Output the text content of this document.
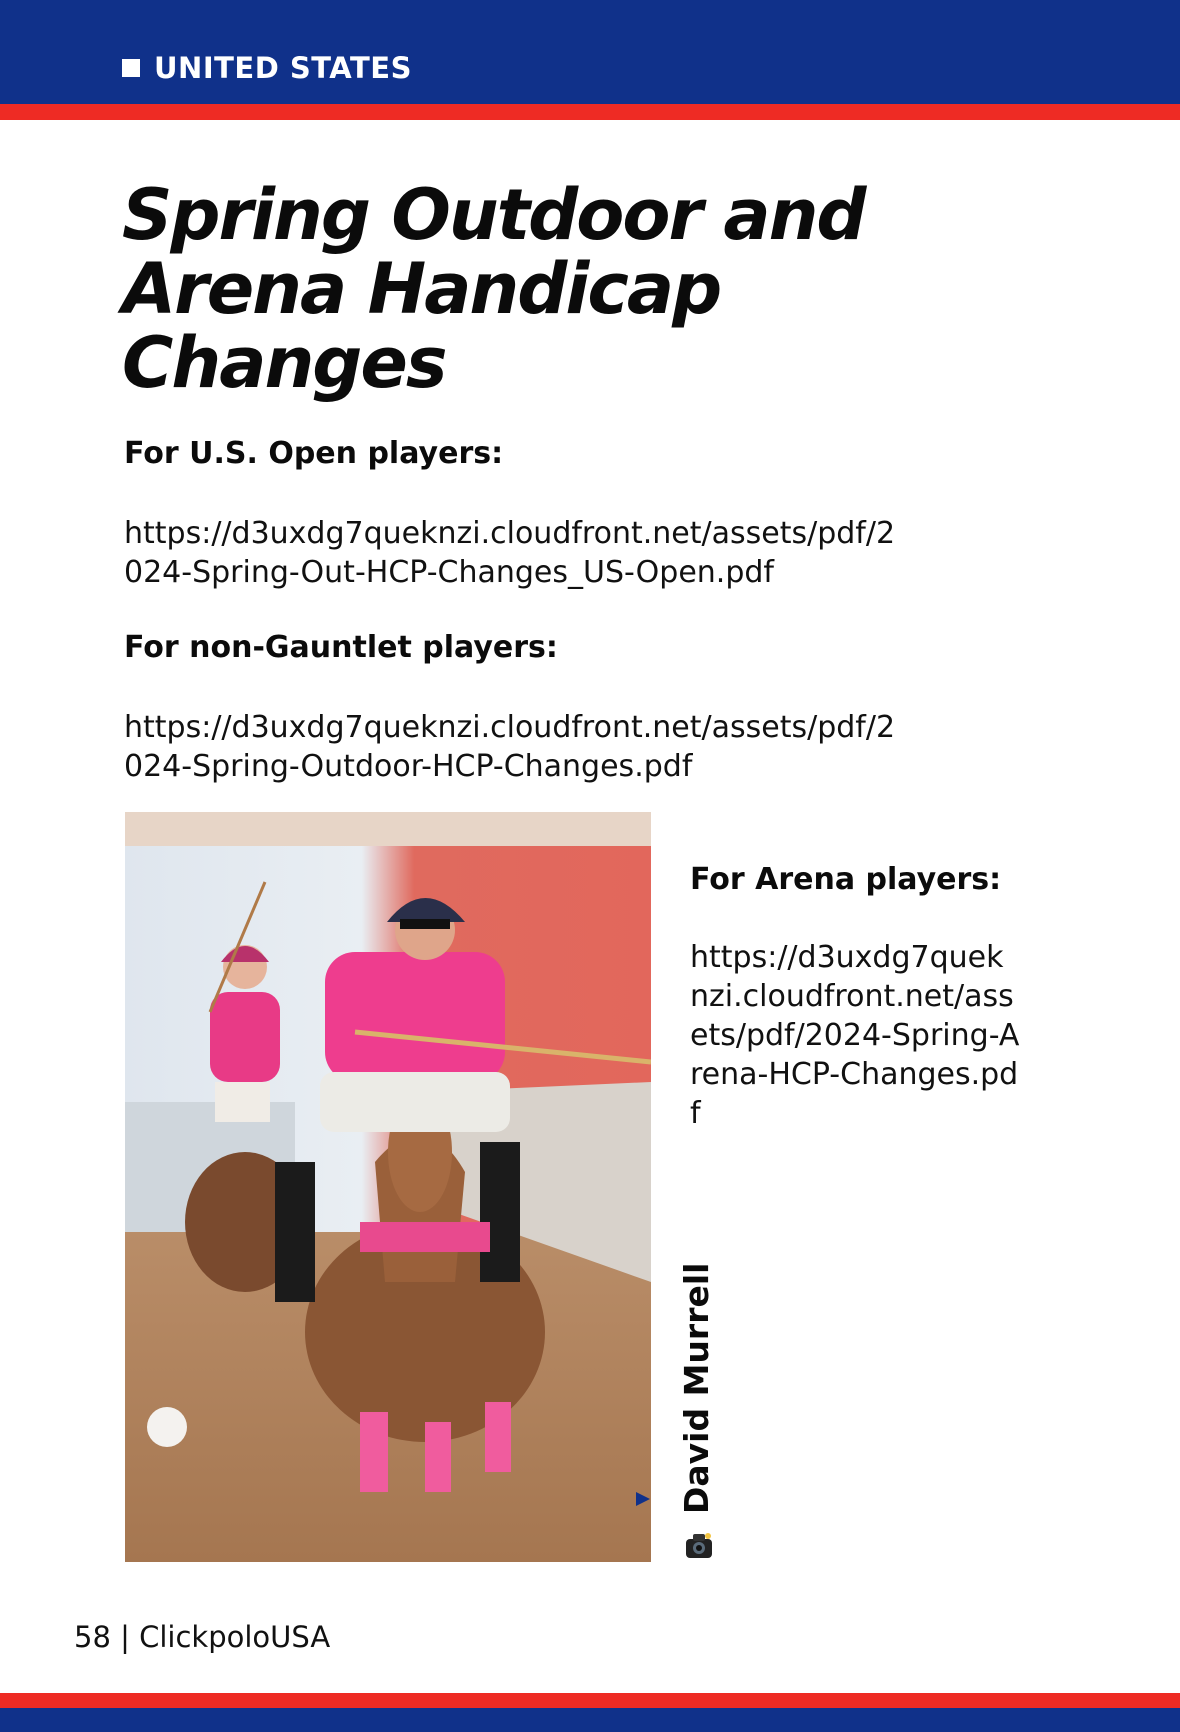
UNITED STATES
Spring Outdoor and Arena Handicap Changes

For U.S. Open players:

https://d3uxdg7queknzi.cloudfront.net/assets/pdf/2024-Spring-Out-HCP-Changes_US-Open.pdf

For non-Gauntlet players:

https://d3uxdg7queknzi.cloudfront.net/assets/pdf/2024-Spring-Outdoor-HCP-Changes.pdf

David Murrell

For Arena players:

https://d3uxdg7queknzi.cloudfront.net/assets/pdf/2024-Spring-Arena-HCP-Changes.pdf

58 | ClickpoloUSA
